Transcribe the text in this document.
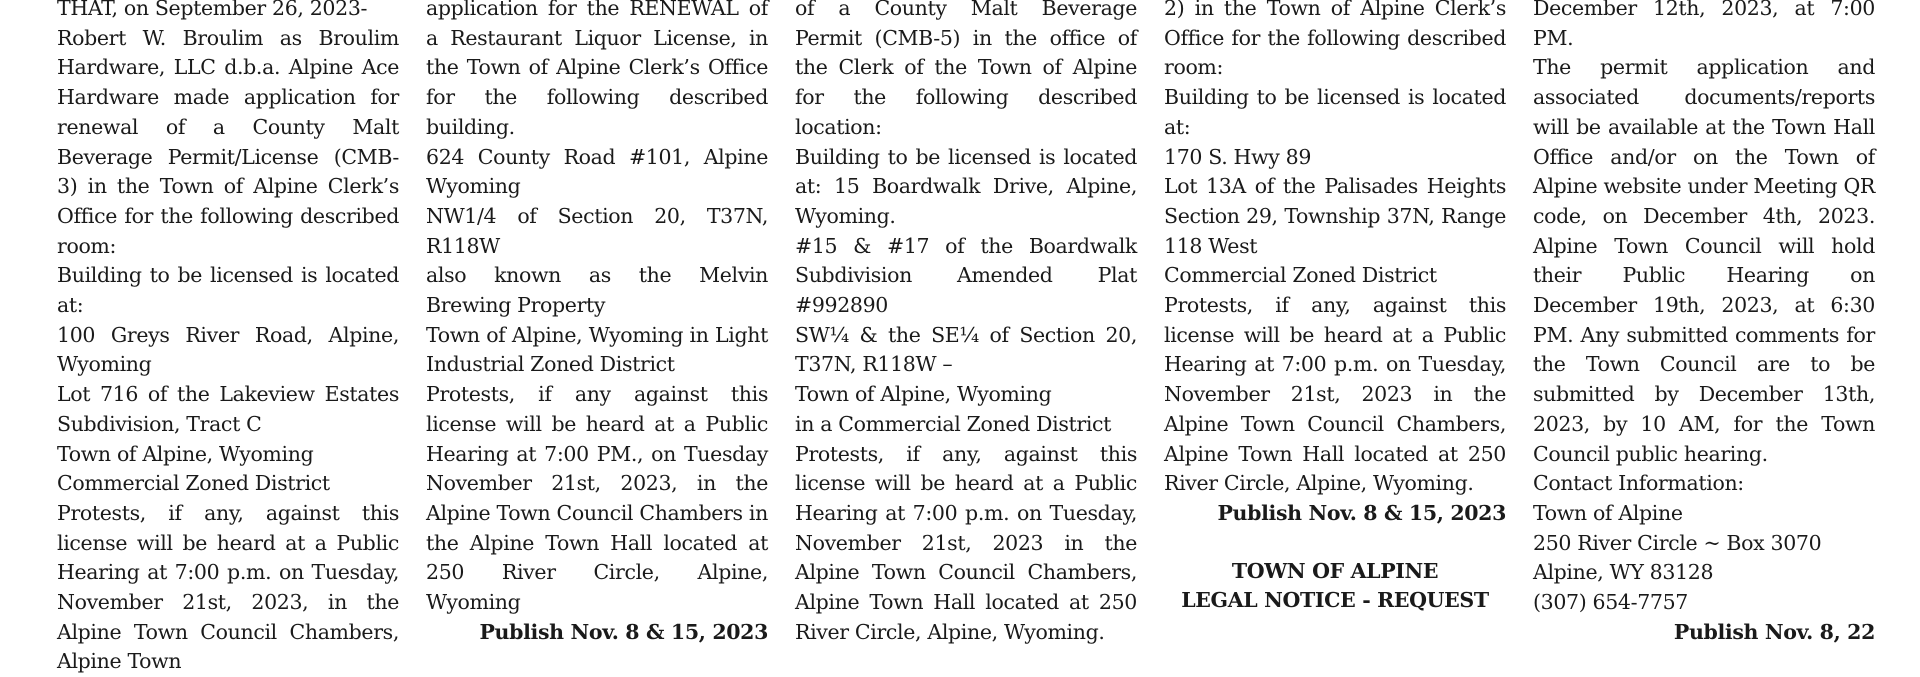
THAT, on September 26, 2023-

Robert W. Broulim as Broulim Hardware, LLC d.b.a. Alpine Ace Hardware made application for renewal of a County Malt Beverage Permit/License (CMB-3) in the Town of Alpine Clerk’s Office for the following described room:

Building to be licensed is located at:

100 Greys River Road, Alpine, Wyoming

Lot 716 of the Lakeview Estates Subdivision, Tract C

Town of Alpine, Wyoming

Commercial Zoned District

Protests, if any, against this license will be heard at a Public Hearing at 7:00 p.m. on Tuesday, November 21st, 2023, in the Alpine Town Council Chambers, Alpine Town

application for the RENEWAL of a Restaurant Liquor License, in the Town of Alpine Clerk’s Office for the following described building.

624 County Road #101, Alpine Wyoming

NW1/4 of Section 20, T37N, R118W

also known as the Melvin Brewing Property

Town of Alpine, Wyoming in Light Industrial Zoned District

Protests, if any against this license will be heard at a Public Hearing at 7:00 PM., on Tuesday November 21st, 2023, in the Alpine Town Council Chambers in the Alpine Town Hall located at 250 River Circle, Alpine, Wyoming

Publish Nov. 8 & 15, 2023

of a County Malt Beverage Permit (CMB-5) in the office of the Clerk of the Town of Alpine for the following described location:

Building to be licensed is located at: 15 Boardwalk Drive, Alpine, Wyoming.

#15 & #17 of the Boardwalk Subdivision Amended Plat #992890

SW¼ & the SE¼ of Section 20, T37N, R118W –

Town of Alpine, Wyoming

in a Commercial Zoned District

Protests, if any, against this license will be heard at a Public Hearing at 7:00 p.m. on Tuesday, November 21st, 2023 in the Alpine Town Council Chambers, Alpine Town Hall located at 250 River Circle, Alpine, Wyoming.

2) in the Town of Alpine Clerk’s Office for the following described room:

Building to be licensed is located at:

170 S. Hwy 89

Lot 13A of the Palisades Heights Section 29, Township 37N, Range 118 West

Commercial Zoned District

Protests, if any, against this license will be heard at a Public Hearing at 7:00 p.m. on Tuesday, November 21st, 2023 in the Alpine Town Council Chambers, Alpine Town Hall located at 250 River Circle, Alpine, Wyoming.

Publish Nov. 8 & 15, 2023

TOWN OF ALPINE

LEGAL NOTICE - REQUEST

December 12th, 2023, at 7:00 PM.

The permit application and associated documents/reports will be available at the Town Hall Office and/or on the Town of Alpine website under Meeting QR code, on December 4th, 2023. Alpine Town Council will hold their Public Hearing on December 19th, 2023, at 6:30 PM. Any submitted comments for the Town Council are to be submitted by December 13th, 2023, by 10 AM, for the Town Council public hearing.

Contact Information:

Town of Alpine

250 River Circle ~ Box 3070

Alpine, WY 83128

(307) 654-7757

Publish Nov. 8, 22
